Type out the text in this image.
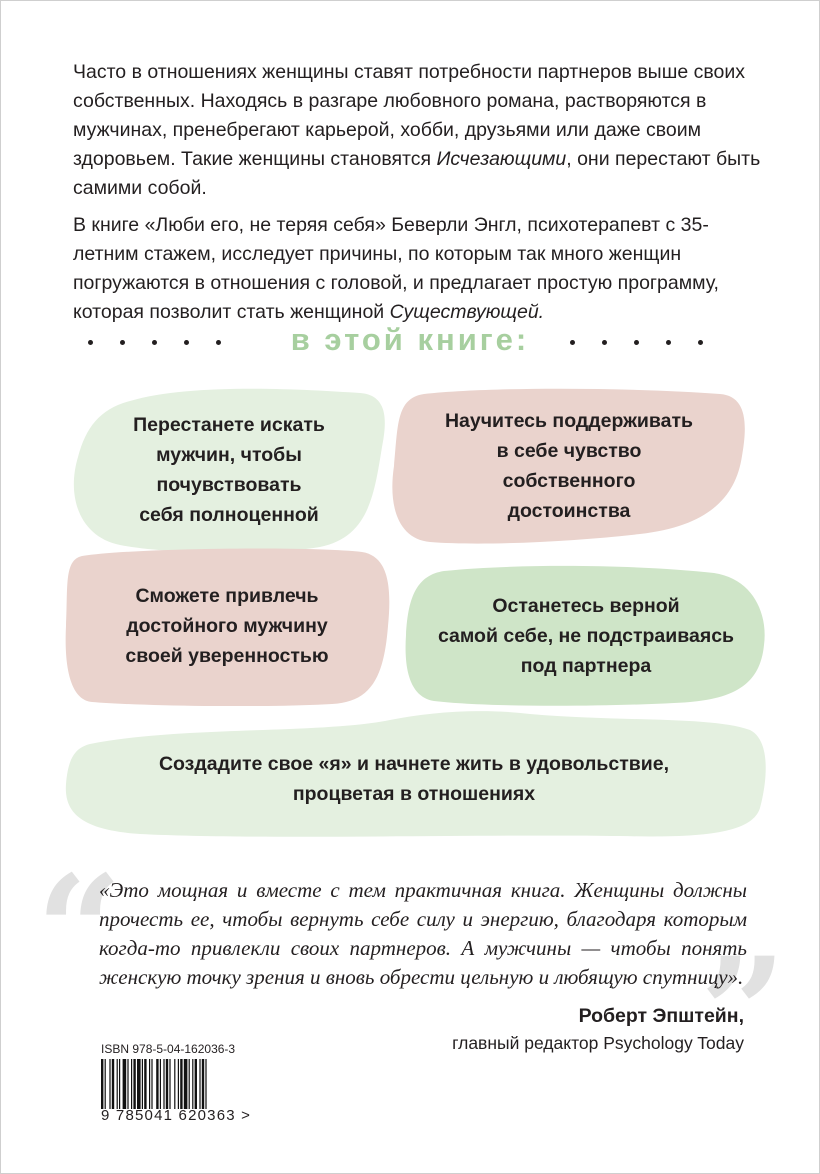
Часто в отношениях женщины ставят потребности партнеров выше своих собственных. Находясь в разгаре любовного романа, растворяются в мужчинах, пренебрегают карьерой, хобби, друзьями или даже своим здоровьем. Такие женщины становятся Исчезающими, они перестают быть самими собой.

В книге «Люби его, не теряя себя» Беверли Энгл, психотерапевт с 35-летним стажем, исследует причины, по которым так много женщин погружаются в отношения с головой, и предлагает простую программу, которая позволит стать женщиной Существующей.

в этой книге:
Перестанете искать
мужчин, чтобы
почувствовать
себя полноценной
Научитесь поддерживать
в себе чувство
собственного
достоинства
Сможете привлечь
достойного мужчину
своей уверенностью
Останетесь верной
самой себе, не подстраиваясь
под партнера
Создадите свое «я» и начнете жить в удовольствие,
процветая в отношениях
“	”
«Это мощная и вместе с тем практичная книга. Женщины должны прочесть ее, чтобы вернуть себе силу и энергию, благодаря которым когда-то привлекли своих партнеров. А мужчины — чтобы понять женскую точку зрения и вновь обрести цельную и любящую спутницу».
Роберт Эпштейн,
главный редактор Psychology Today
ISBN 978-5-04-162036-3
9 785041 620363 >
